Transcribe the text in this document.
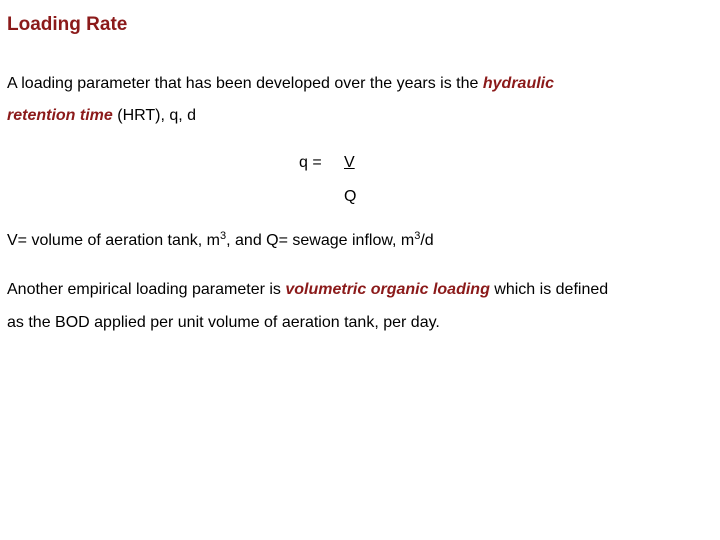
Loading Rate
A loading parameter that has been developed over the years is the hydraulic
retention time (HRT), q, d
q = V
Q
V= volume of aeration tank, $m^3$, and Q= sewage inflow, $m^3/d$
Another empirical loading parameter is volumetric organic loading which is defined
as the BOD applied per unit volume of aeration tank, per day.
